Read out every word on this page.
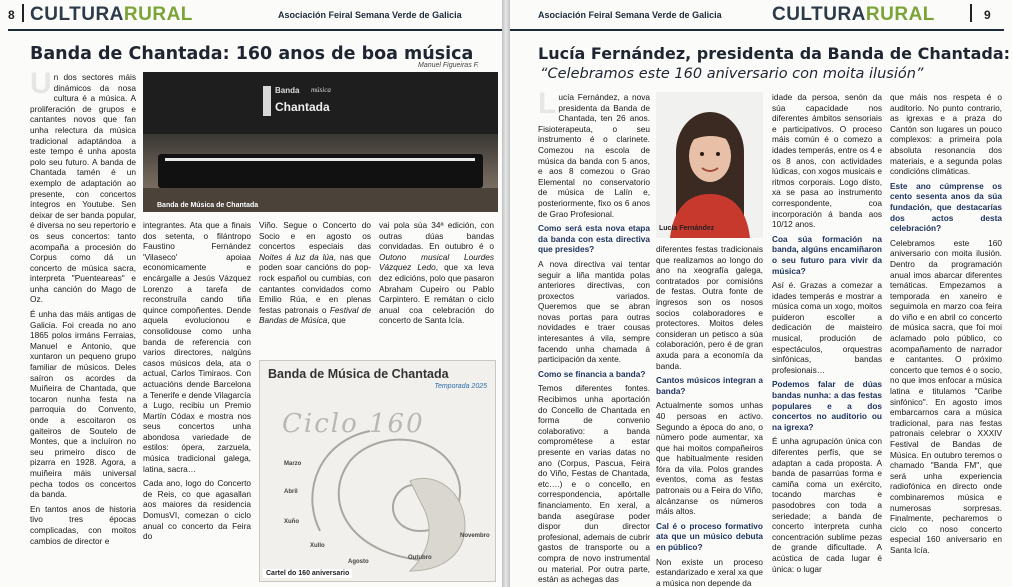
8 CULTURARURAL	Asociación Feiral Semana Verde de Galicia
Banda de Chantada: 160 anos de boa música
Manuel Figueiras F.

Un dos sectores máis dinámicos da nosa cultura é a música. A proliferación de grupos e cantantes novos que fan unha relectura da música tradicional adaptándoa a este tempo é unha aposta polo seu futuro. A banda de Chantada tamén é un exemplo de adaptación ao presente, con concertos íntegros en Youtube. Sen deixar de ser banda popular, é diversa no seu repertorio e os seus concertos: tanto acompaña a procesión do Corpus como dá un concerto de música sacra, interpreta "Puenteareas" e unha canción do Mago de Oz.

É unha das máis antigas de Galicia. Foi creada no ano 1865 polos irmáns Ferraias, Manuel e Antonio, que xuntaron un pequeno grupo familiar de músicos. Deles saíron os acordes da Muiñeira de Chantada, que tocaron nunha festa na parroquia do Convento, onde a escoitaron os gaiteiros de Soutelo de Montes, que a incluíron no seu primeiro disco de pizarra en 1928. Agora, a muiñeira máis universal pecha todos os concertos da banda.

En tantos anos de historia tivo tres épocas complicadas, con moitos cambios de director e

Banda música
Chantada
Banda de Música de Chantada

integrantes. Ata que a finais dos setenta, o filántropo Faustino Fernández 'Vilaseco' apoiaa economicamente e encárgalle a Jesús Vázquez Lorenzo a tarefa de reconstruíla cando tiña quince compoñentes. Dende aquela evolucionou e consolidouse como unha banda de referencia con varios directores, nalgúns casos músicos dela, ata o actual, Carlos Timiraos. Con actuacións dende Barcelona a Tenerife e dende Vilagarcía a Lugo, recibiu un Premio Martín Códax e mostra nos seus concertos unha abondosa variedade de estilos: ópera, zarzuela, música tradicional galega, latina, sacra…

Cada ano, logo do Concerto de Reis, co que agasallan aos maiores da residencia DomusVI, comezan o ciclo anual co concerto da Feira do

Viño. Segue o Concerto do Socio e en agosto os concertos especiais das Noites á luz da lúa, nas que poden soar cancións do pop-rock español ou cumbias, con cantantes convidados como Emilio Rúa, e en plenas festas patronais o Festival de Bandas de Música, que

vai pola súa 34ª edición, con outras dúas bandas convidadas. En outubro é o Outono musical Lourdes Vázquez Ledo, que xa leva dez edicións, polo que pasaron Abraham Cupeiro ou Pablo Carpintero. E remátan o ciclo anual coa celebración do concerto de Santa Icía.

Banda de Música de Chantada
Temporada 2025
Ciclo 160
Marzo
Abril
Xuño
Xullo
Agosto
Outubro
Novembro
Cartel do 160 aniversario
Asociación Feiral Semana Verde de Galicia	CULTURARURAL	9
Lucía Fernández, presidenta da Banda de Chantada:
“Celebramos este 160 aniversario con moita ilusión”

Lucía Fernández, a nova presidenta da Banda de Chantada, ten 26 anos. Fisioterapeuta, o seu instrumento é o clarinete. Comezou na escola de música da banda con 5 anos, e aos 8 comezou o Grao Elemental no conservatorio de música de Lalín e, posteriormente, fixo os 6 anos de Grao Profesional.

Como será esta nova etapa da banda con esta directiva que presides?

A nova directiva vai tentar seguir a liña mantida polas anteriores directivas, con proxectos variados. Queremos que se abran novas portas para outras novidades e traer cousas interesantes á vila, sempre facendo unha chamada á participación da xente.

Como se financia a banda?

Temos diferentes fontes. Recibimos unha aportación do Concello de Chantada en forma de convenio colaborativo: a banda comprométese a estar presente en varias datas no ano (Corpus, Pascua, Feira do Viño, Festas de Chantada, etc….) e o concello, en correspondencia, apórtalle financiamento. En xeral, a banda asegúrase poder dispor dun director profesional, ademais de cubrir gastos de transporte ou a compra de novo instrumental ou material. Por outra parte, están as achegas das

Lucía Fernández

diferentes festas tradicionais que realizamos ao longo do ano na xeografía galega, contratados por comisións de festas. Outra fonte de ingresos son os nosos socios colaboradores e protectores. Moitos deles consideran un petisco a súa colaboración, pero é de gran axuda para a economía da banda.

Cantos músicos integran a banda?

Actualmente somos unhas 40 persoas en activo. Segundo a época do ano, o número pode aumentar, xa que hai moitos compañeiros que habitualmente residen fóra da vila. Polos grandes eventos, coma as festas patronais ou a Feira do Viño, alcánzanse os números máis altos.

Cal é o proceso formativo ata que un músico debuta en público?

Non existe un proceso estandarizado e xeral xa que a música non depende da

idade da persoa, senón da súa capacidade nos diferentes ámbitos sensoriais e participativos. O proceso máis común é o comezo a idades temperás, entre os 4 e os 8 anos, con actividades lúdicas, con xogos musicais e ritmos corporais. Logo disto, xa se pasa ao instrumento correspondente, coa incorporación á banda aos 10/12 anos.

Coa súa formación na banda, algúns encamiñaron o seu futuro para vivir da música?

Así é. Grazas a comezar a idades temperás e mostrar a música coma un xogo, moitos puideron escoller a dedicación de maisteiro musical, produción de espectáculos, orquestras sinfónicas, bandas profesionais…

Podemos falar de dúas bandas nunha: a das festas populares e a dos concertos no auditorio ou na igrexa?

É unha agrupación única con diferentes perfís, que se adaptan a cada proposta. A banda de pasarrúas forma e camiña coma un exército, tocando marchas e pasodobres con toda a seriedade; a banda de concerto interpreta cunha concentración sublime pezas de grande dificultade. A acústica de cada lugar é única: o lugar

que máis nos respeta é o auditorio. No punto contrario, as igrexas e a praza do Cantón son lugares un pouco complexos: a primeira pola absoluta resonancia dos materiais, e a segunda polas condicións climáticas.

Este ano cúmprense os cento sesenta anos da súa fundación, que destacarías dos actos desta celebración?

Celebramos este 160 aniversario con moita ilusión. Dentro da programación anual imos abarcar diferentes temáticas. Empezamos a temporada en xaneiro e seguimola en marzo coa feira do viño e en abril co concerto de música sacra, que foi moi aclamado polo público, co acompañamento de narrador e cantantes. O próximo concerto que temos é o socio, no que imos enfocar a música latina e titulamos "Caribe sinfónico". En agosto imos embarcarnos cara a música tradicional, para nas festas patronais celebrar o XXXIV Festival de Bandas de Música. En outubro teremos o chamado "Banda FM", que será unha experiencia radiofónica en directo onde combinaremos música e numerosas sorpresas. Finalmente, pecharemos o ciclo co noso concerto especial 160 aniversario en Santa Icía.
